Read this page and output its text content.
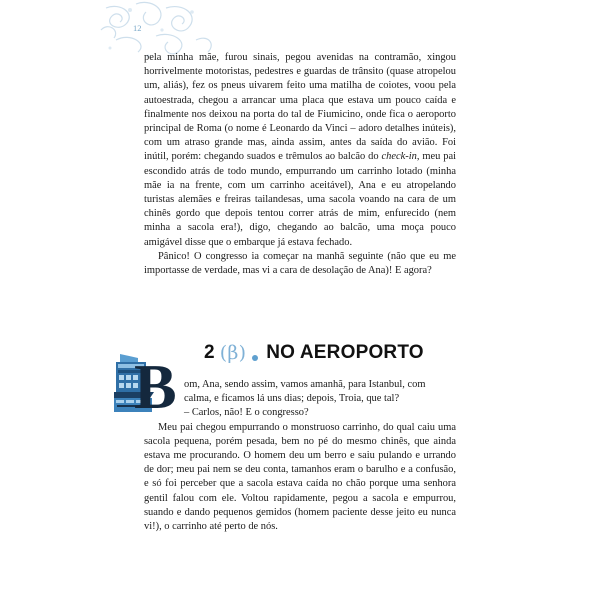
12

pela minha mãe, furou sinais, pegou avenidas na contramão, xingou horrivelmente motoristas, pedestres e guardas de trânsito (quase atropelou um, aliás), fez os pneus uivarem feito uma matilha de coiotes, voou pela autoestrada, chegou a arrancar uma placa que estava um pouco caída e finalmente nos deixou na porta do tal de Fiumicino, onde fica o aeroporto principal de Roma (o nome é Leonardo da Vinci – adoro detalhes inúteis), com um atraso grande mas, ainda assim, antes da saída do avião. Foi inútil, porém: chegando suados e trêmulos ao balcão do check-in, meu pai escondido atrás de todo mundo, empurrando um carrinho lotado (minha mãe ia na frente, com um carrinho aceitável), Ana e eu atropelando turistas alemães e freiras tailandesas, uma sacola voando na cara de um chinês gordo que depois tentou correr atrás de mim, enfurecido (nem minha a sacola era!), digo, chegando ao balcão, uma moça pouco amigável disse que o embarque já estava fechado.

Pânico! O congresso ia começar na manhã seguinte (não que eu me importasse de verdade, mas vi a cara de desolação de Ana)! E agora?

2 (β) NO AEROPORTO
B om, Ana, sendo assim, vamos amanhã, para Istanbul, com

calma, e ficamos lá uns dias; depois, Troia, que tal?

– Carlos, não! E o congresso?

Meu pai chegou empurrando o monstruoso carrinho, do qual caiu uma sacola pequena, porém pesada, bem no pé do mesmo chinês, que ainda estava me procurando. O homem deu um berro e saiu pulando e urrando de dor; meu pai nem se deu conta, tamanhos eram o barulho e a confusão, e só foi perceber que a sacola estava caída no chão porque uma senhora gentil falou com ele. Voltou rapidamente, pegou a sacola e empurrou, suando e dando pequenos gemidos (homem paciente desse jeito eu nunca vi!), o carrinho até perto de nós.
